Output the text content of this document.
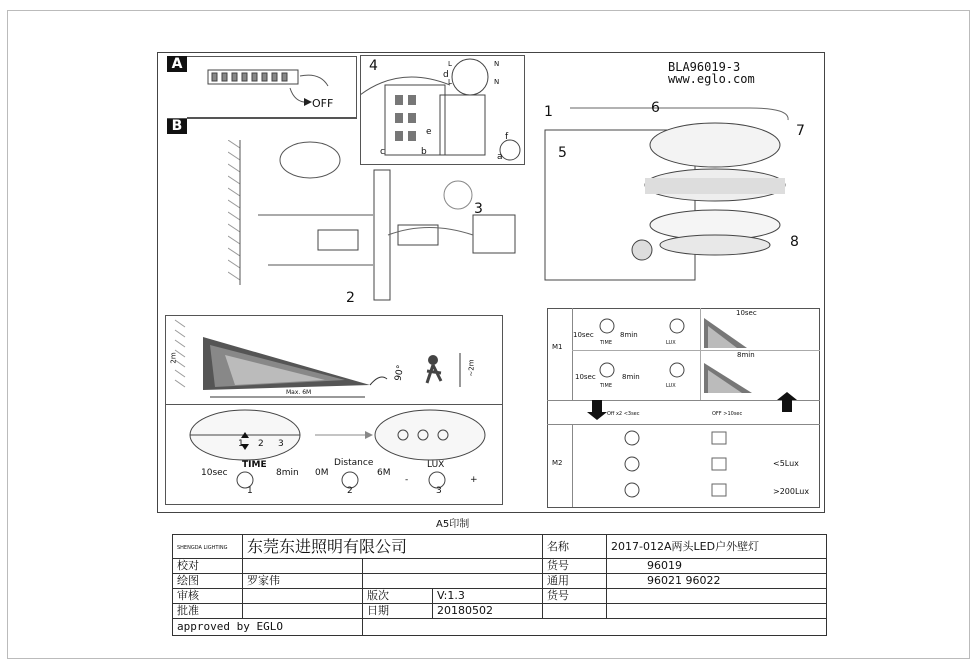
A
OFF
B
4
c
d
b
e	f
a
L	N
L	N
BLA96019-3
www.eglo.com
3
2
1
5
6
7
8
2m
Max. 6M
90°	~2m
1 2 3
TIME
10sec	8min
Distance
0M	6M
LUX
-	+
1	2	3
M1
M2
10sec	8min
10sec
TIME	LUX
10sec	8min
8min
TIME	LUX
Off x2 <3sec	OFF >10sec
<5Lux
>200Lux
A5印制
SHENGDA LIGHTING	东莞东进照明有限公司			名称	2017-012A两头LED户外壁灯
校对				货号	96019
绘图	罗家伟			通用	96021 96022
审核		版次	V:1.3	货号	
批准		日期	20180502		
approved by EGLO					
